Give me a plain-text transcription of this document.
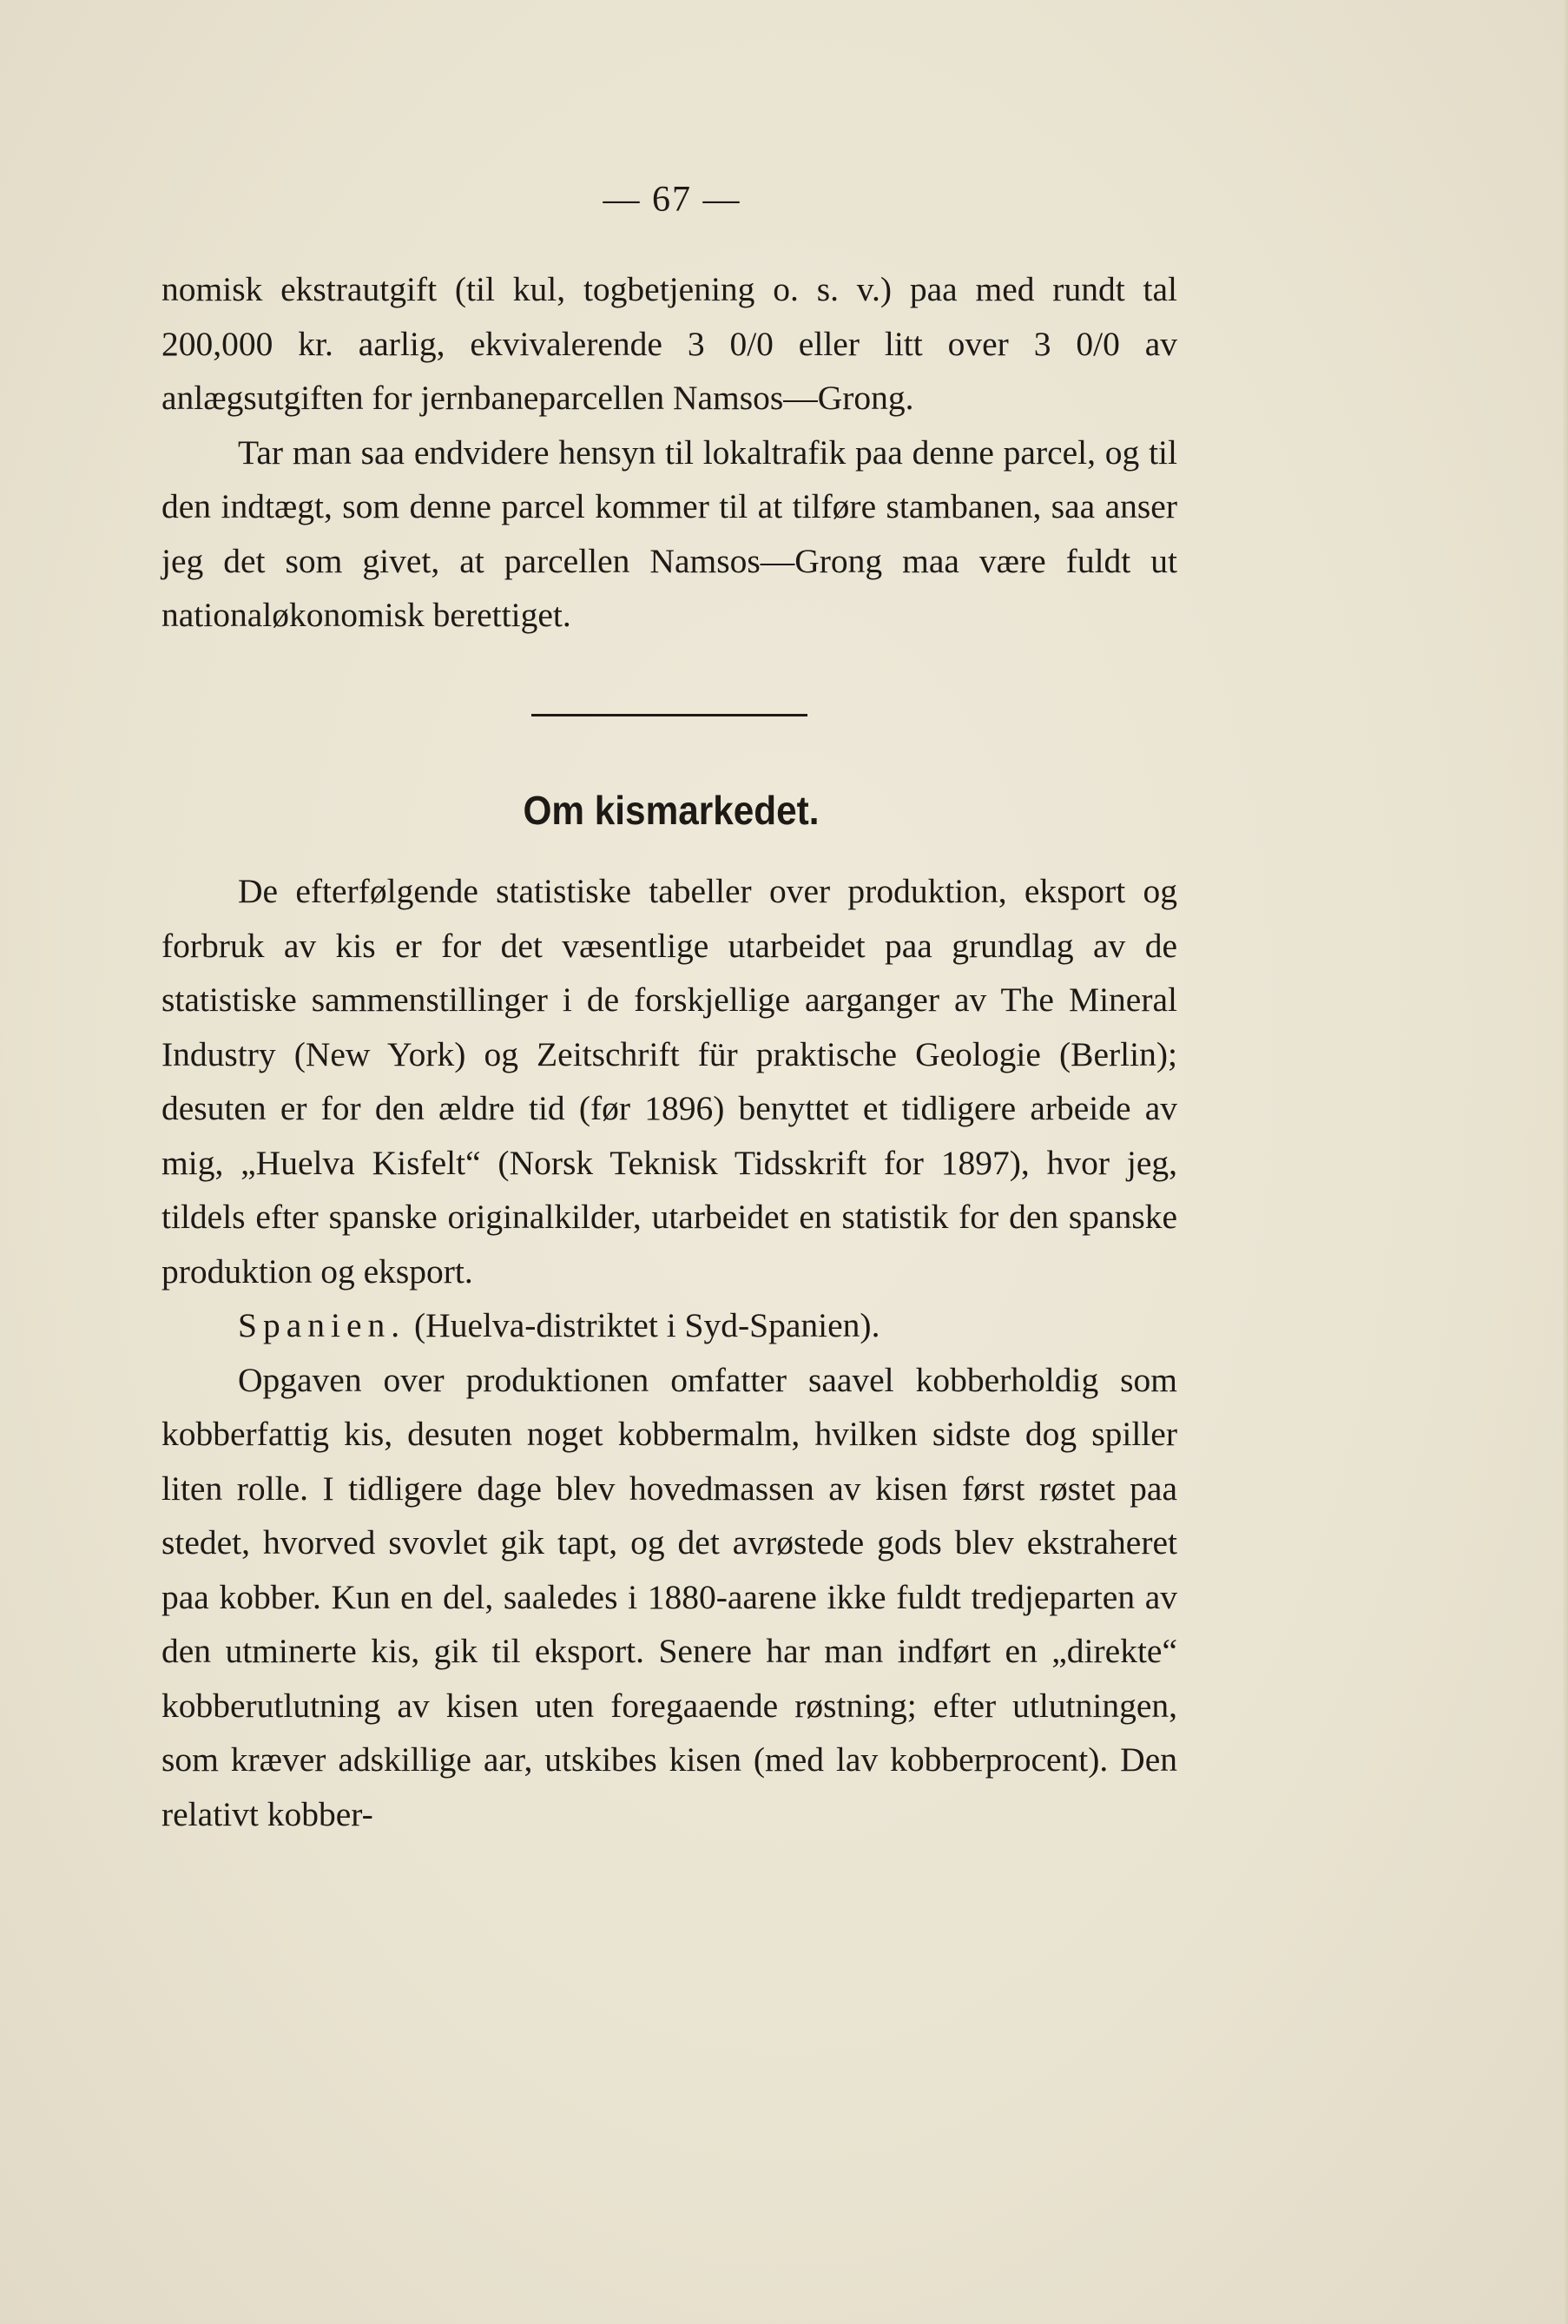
— 67 —

nomisk ekstrautgift (til kul, togbetjening o. s. v.) paa med rundt tal 200,000 kr. aarlig, ekvivalerende 3 0/0 eller litt over 3 0/0 av anlægsutgiften for jernbaneparcellen Namsos—Grong.

Tar man saa endvidere hensyn til lokaltrafik paa denne parcel, og til den indtægt, som denne parcel kommer til at tilføre stambanen, saa anser jeg det som givet, at parcellen Namsos—Grong maa være fuldt ut nationaløkonomisk berettiget.

Om kismarkedet.

De efterfølgende statistiske tabeller over produktion, eksport og forbruk av kis er for det væsentlige utarbeidet paa grundlag av de statistiske sammenstillinger i de forskjellige aarganger av The Mineral Industry (New York) og Zeitschrift für praktische Geologie (Berlin); desuten er for den ældre tid (før 1896) benyttet et tidligere arbeide av mig, „Huelva Kisfelt“ (Norsk Teknisk Tidsskrift for 1897), hvor jeg, tildels efter spanske originalkilder, utarbeidet en statistik for den spanske produktion og eksport.

Spanien. (Huelva-distriktet i Syd-Spanien).

Opgaven over produktionen omfatter saavel kobberholdig som kobberfattig kis, desuten noget kobbermalm, hvilken sidste dog spiller liten rolle. I tidligere dage blev hovedmassen av kisen først røstet paa stedet, hvorved svovlet gik tapt, og det avrøstede gods blev ekstraheret paa kobber. Kun en del, saaledes i 1880-aarene ikke fuldt tredjeparten av den utminerte kis, gik til eksport. Senere har man indført en „direkte“ kobberutlutning av kisen uten foregaaende røstning; efter utlutningen, som kræver adskillige aar, utskibes kisen (med lav kobberprocent). Den relativt kobber-
